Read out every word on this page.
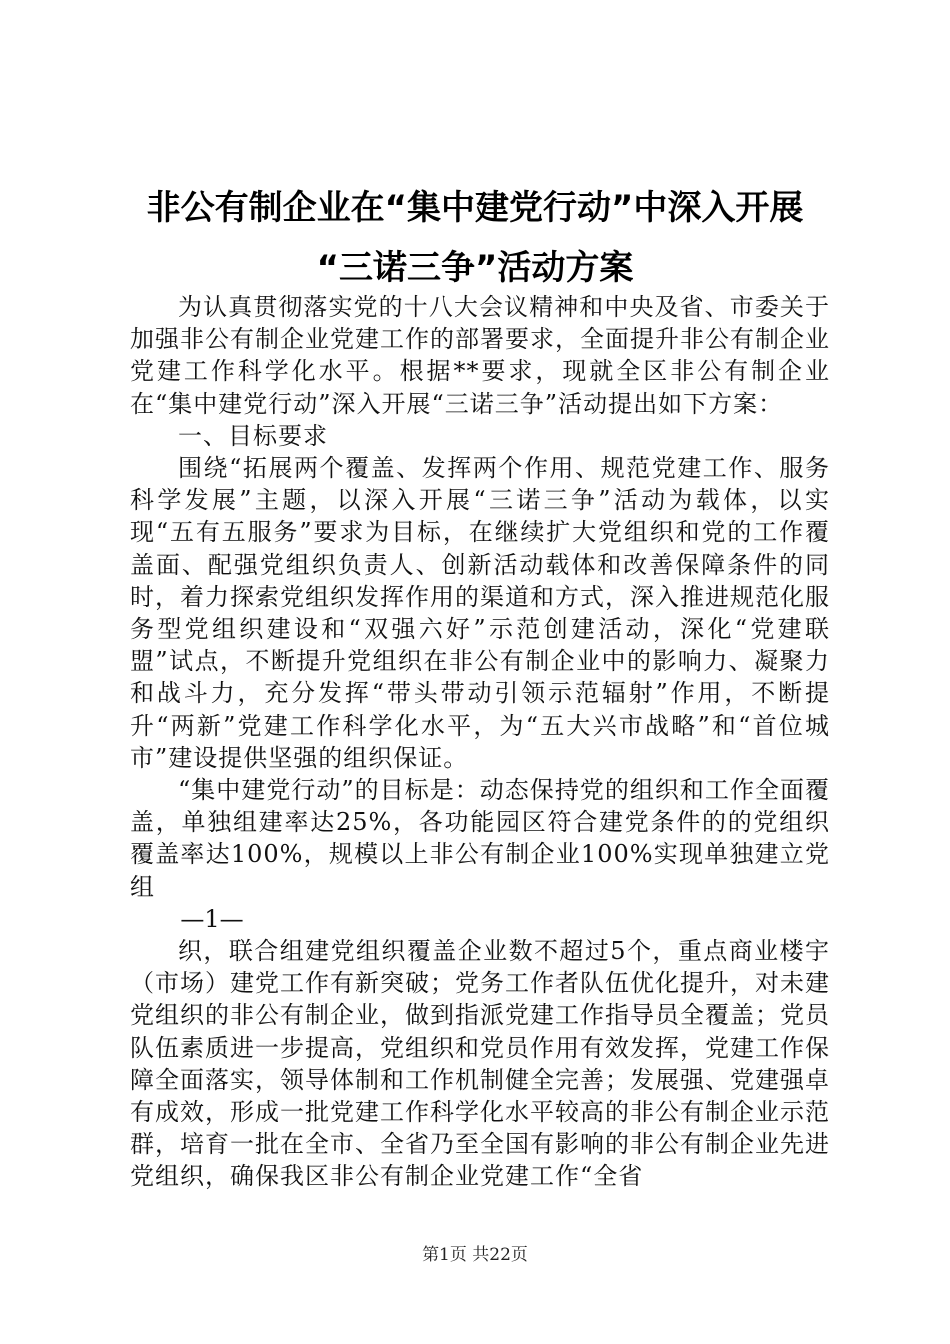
非公有制企业在“集中建党行动”中深入开展
“三诺三争”活动方案

为认真贯彻落实党的十八大会议精神和中央及省、市委关于加强非公有制企业党建工作的部署要求，全面提升非公有制企业党建工作科学化水平。根据**要求，现就全区非公有制企业在“集中建党行动”深入开展“三诺三争”活动提出如下方案：

一、目标要求

围绕“拓展两个覆盖、发挥两个作用、规范党建工作、服务科学发展”主题，以深入开展“三诺三争”活动为载体，以实现“五有五服务”要求为目标，在继续扩大党组织和党的工作覆盖面、配强党组织负责人、创新活动载体和改善保障条件的同时，着力探索党组织发挥作用的渠道和方式，深入推进规范化服务型党组织建设和“双强六好”示范创建活动，深化“党建联盟”试点，不断提升党组织在非公有制企业中的影响力、凝聚力和战斗力，充分发挥“带头带动引领示范辐射”作用，不断提升“两新”党建工作科学化水平，为“五大兴市战略”和“首位城市”建设提供坚强的组织保证。

“集中建党行动”的目标是：动态保持党的组织和工作全面覆盖，单独组建率达25%，各功能园区符合建党条件的的党组织覆盖率达100%，规模以上非公有制企业100%实现单独建立党组

—1—

织，联合组建党组织覆盖企业数不超过5个，重点商业楼宇（市场）建党工作有新突破；党务工作者队伍优化提升，对未建党组织的非公有制企业，做到指派党建工作指导员全覆盖；党员队伍素质进一步提高，党组织和党员作用有效发挥，党建工作保障全面落实，领导体制和工作机制健全完善；发展强、党建强卓有成效，形成一批党建工作科学化水平较高的非公有制企业示范群，培育一批在全市、全省乃至全国有影响的非公有制企业先进党组织，确保我区非公有制企业党建工作“全省

第1页 共22页
